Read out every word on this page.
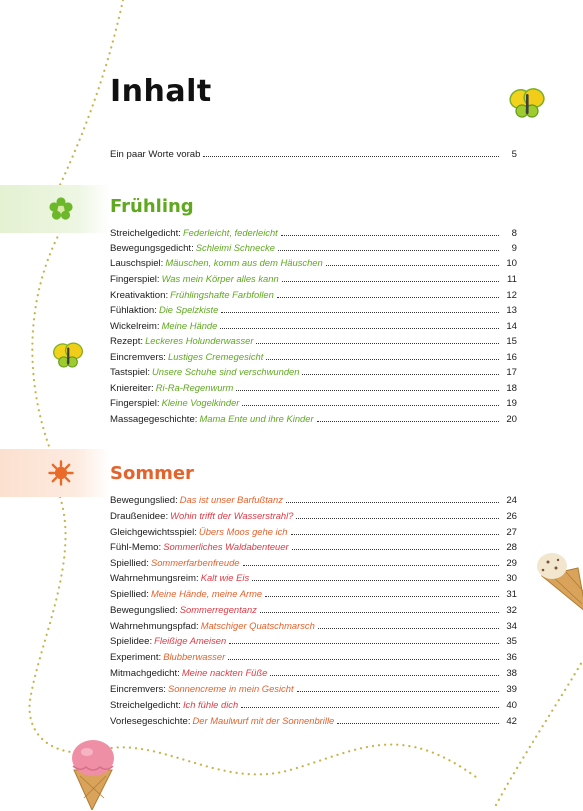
Inhalt
Ein paar Worte vorab	5
Frühling
Streichelgedicht: Federleicht, federleicht	8
Bewegungsgedicht: Schleimi Schnecke	9
Lauschspiel: Mäuschen, komm aus dem Häuschen	10
Fingerspiel: Was mein Körper alles kann	11
Kreativaktion: Frühlingshafte Farbfollen	12
Fühlaktion: Die Spelzkiste	13
Wickelreim: Meine Hände	14
Rezept: Leckeres Holunderwasser	15
Eincremvers: Lustiges Cremegesicht	16
Tastspiel: Unsere Schuhe sind verschwunden	17
Kniereiter: Ri-Ra-Regenwurm	18
Fingerspiel: Kleine Vogelkinder	19
Massagegeschichte: Mama Ente und ihre Kinder	20
Sommer
Bewegungslied: Das ist unser Barfußtanz	24
Draußenidee: Wohin trifft der Wasserstrahl?	26
Gleichgewichtsspiel: Übers Moos gehe ich	27
Fühl-Memo: Sommerliches Waldabenteuer	28
Spiellied: Sommerfarbenfreude	29
Wahrnehmungsreim: Kalt wie Eis	30
Spiellied: Meine Hände, meine Arme	31
Bewegungslied: Sommerregentanz	32
Wahrnehmungspfad: Matschiger Quatschmarsch	34
Spielidee: Fleißige Ameisen	35
Experiment: Blubberwasser	36
Mitmachgedicht: Meine nackten Füße	38
Eincremvers: Sonnencreme in mein Gesicht	39
Streichelgedicht: Ich fühle dich	40
Vorlesegeschichte: Der Maulwurf mit der Sonnenbrille	42
